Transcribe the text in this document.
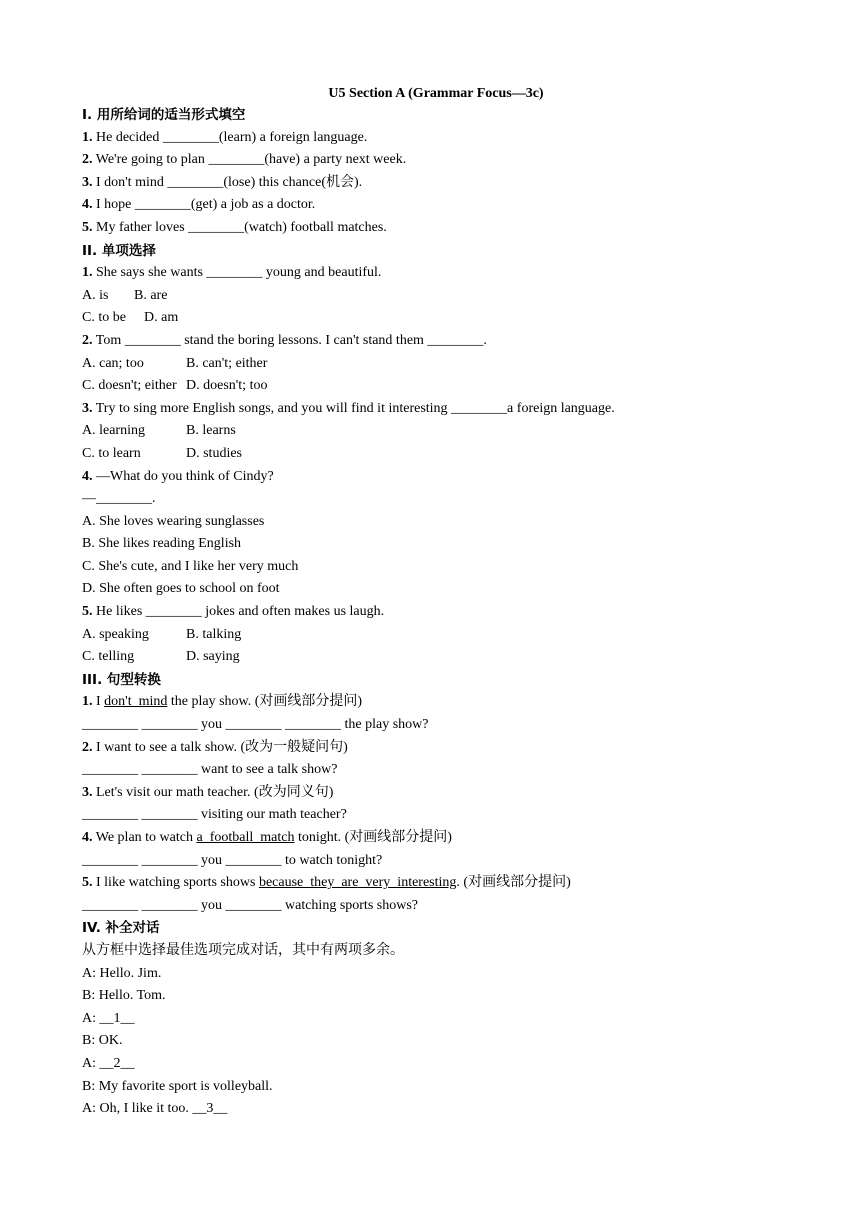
U5 Section A (Grammar Focus—3c)
I. 用所给词的适当形式填空
1. He decided ________(learn) a foreign language.
2. We're going to plan ________(have) a party next week.
3. I don't mind ________(lose) this chance(机会).
4. I hope ________(get) a job as a doctor.
5. My father loves ________(watch) football matches.
II. 单项选择
1. She says she wants ________ young and beautiful.
A. is B. are
C. to be D. am
2. Tom ________ stand the boring lessons. I can't stand them ________.
A. can; too	B. can't; either
C. doesn't; either D. doesn't; too
3. Try to sing more English songs, and you will find it interesting ________a foreign language.
A. learning	B. learns
C. to learn	D. studies
4. —What do you think of Cindy?
—________.
A. She loves wearing sunglasses
B. She likes reading English
C. She's cute, and I like her very much
D. She often goes to school on foot
5. He likes ________ jokes and often makes us laugh.
A. speaking	B. talking
C. telling	D. saying
III. 句型转换
1. I don't  mind the play show. (对画线部分提问)
________ ________ you ________ ________ the play show?
2. I want to see a talk show. (改为一般疑问句)
________ ________ want to see a talk show?
3. Let's visit our math teacher. (改为同义句)
________ ________ visiting our math teacher?
4. We plan to watch a  football  match tonight. (对画线部分提问)
________ ________ you ________ to watch tonight?
5. I like watching sports shows because  they  are  very  interesting. (对画线部分提问)
________ ________ you ________ watching sports shows?
IV. 补全对话
从方框中选择最佳选项完成对话，其中有两项多余。
A: Hello. Jim.
B: Hello. Tom.
A: __1__
B: OK.
A: __2__
B: My favorite sport is volleyball.
A: Oh, I like it too. __3__
